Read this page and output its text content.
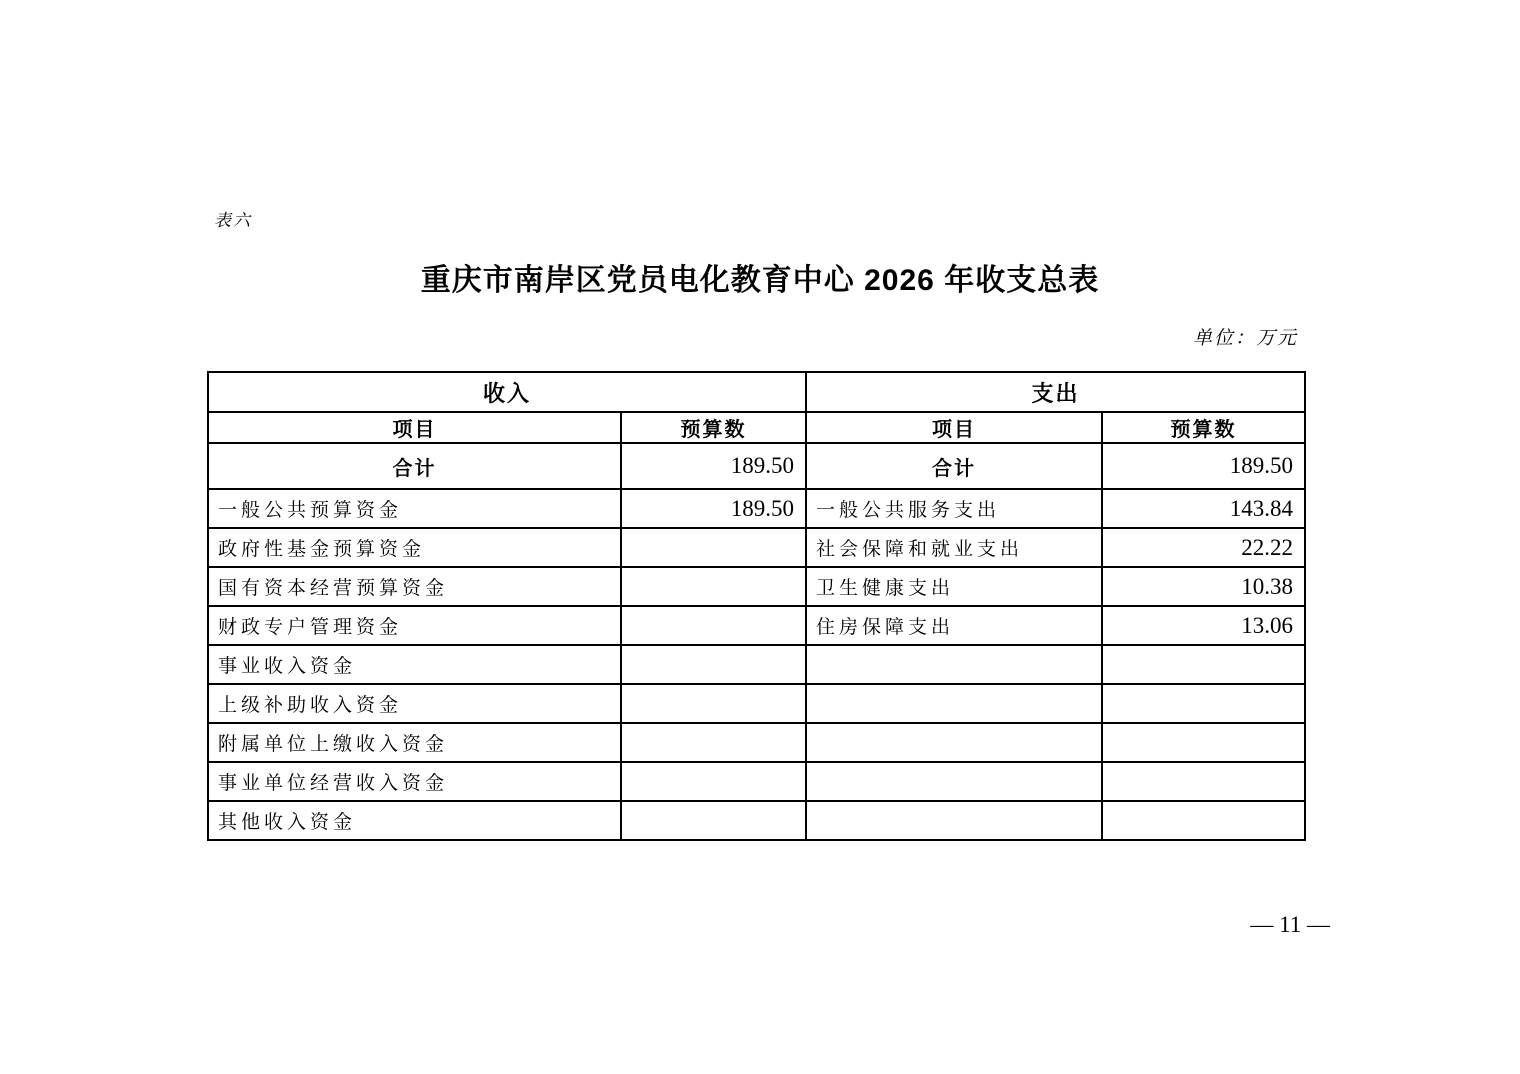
表六
重庆市南岸区党员电化教育中心 2026 年收支总表
单位：万元
收入		支出	
项目	预算数	项目	预算数
合计	189.50	合计	189.50
一般公共预算资金	189.50	一般公共服务支出	143.84
政府性基金预算资金		社会保障和就业支出	22.22
国有资本经营预算资金		卫生健康支出	10.38
财政专户管理资金		住房保障支出	13.06
事业收入资金			
上级补助收入资金			
附属单位上缴收入资金			
事业单位经营收入资金			
其他收入资金			
— 11 —
